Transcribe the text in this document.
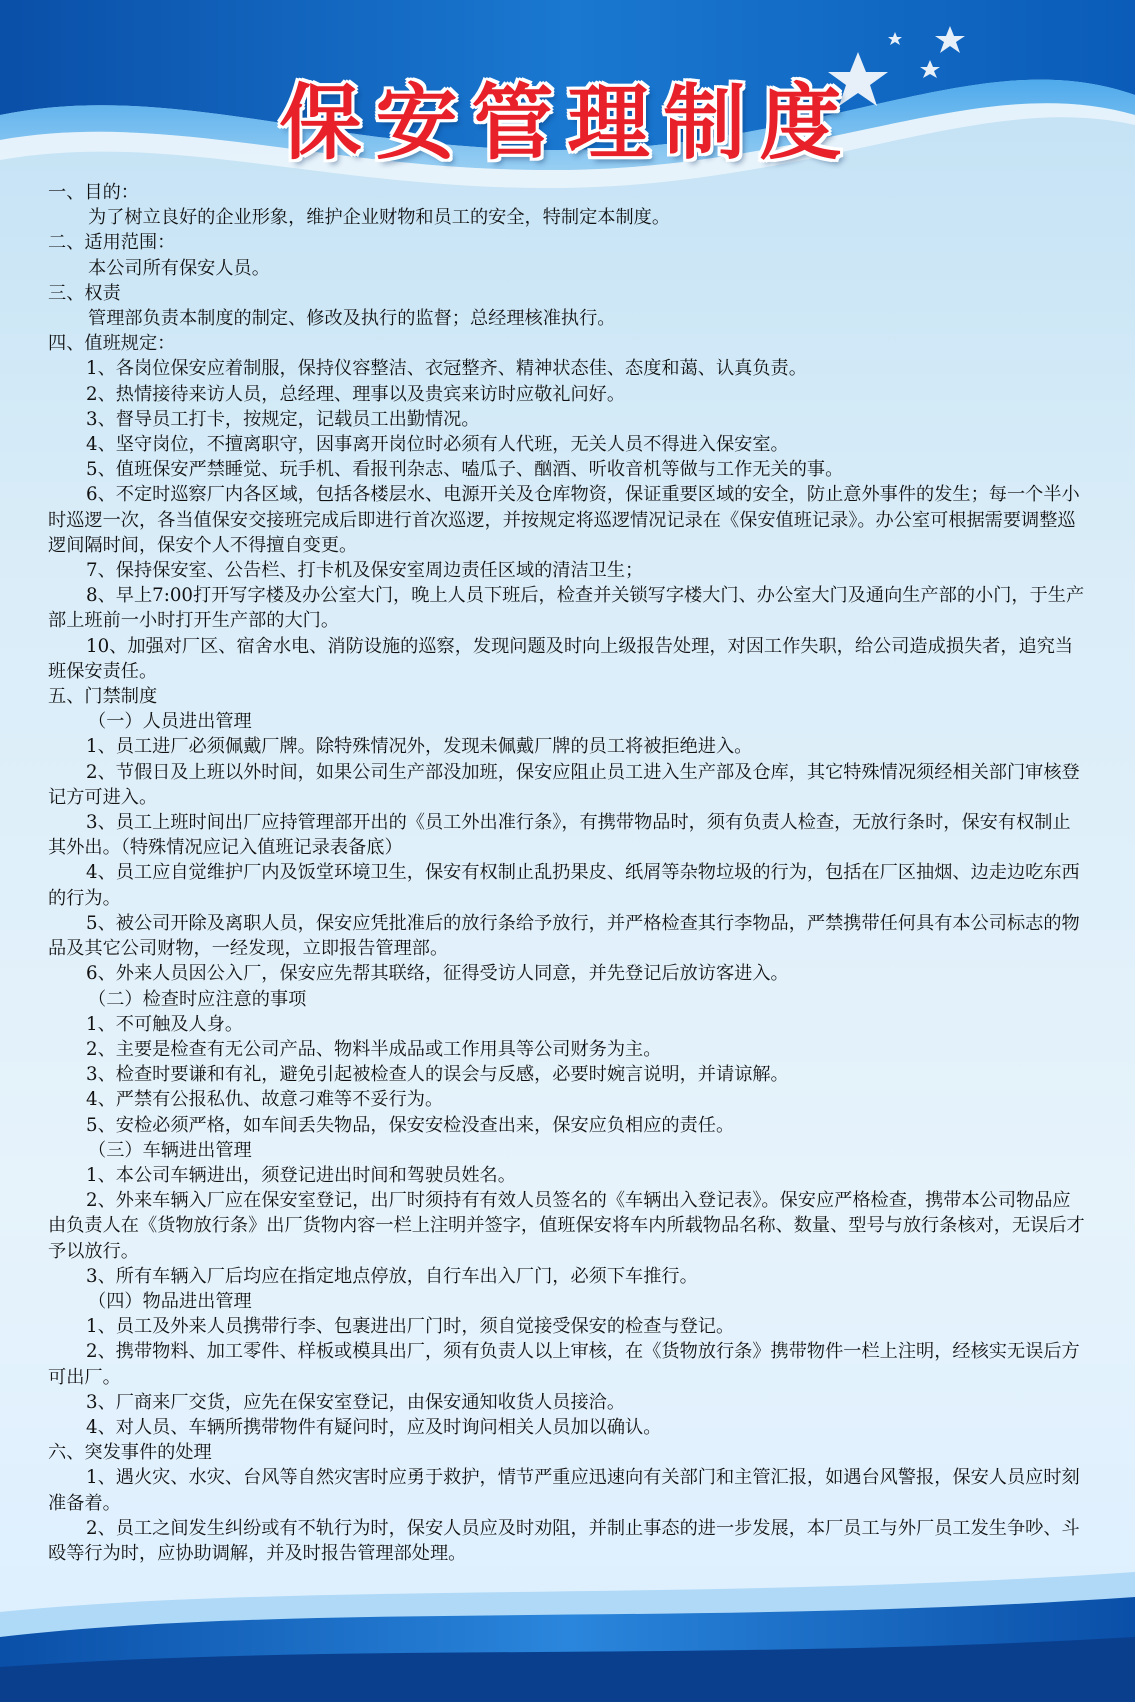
保安管理制度
一、目的：
为了树立良好的企业形象，维护企业财物和员工的安全，特制定本制度。
二、适用范围：
本公司所有保安人员。
三、权责
管理部负责本制度的制定、修改及执行的监督；总经理核准执行。
四、值班规定：
1、各岗位保安应着制服，保持仪容整洁、衣冠整齐、精神状态佳、态度和蔼、认真负责。
2、热情接待来访人员，总经理、理事以及贵宾来访时应敬礼问好。
3、督导员工打卡，按规定，记载员工出勤情况。
4、坚守岗位，不擅离职守，因事离开岗位时必须有人代班，无关人员不得进入保安室。
5、值班保安严禁睡觉、玩手机、看报刊杂志、嗑瓜子、酗酒、听收音机等做与工作无关的事。
6、不定时巡察厂内各区域，包括各楼层水、电源开关及仓库物资，保证重要区域的安全，防止意外事件的发生；每一个半小时巡逻一次，各当值保安交接班完成后即进行首次巡逻，并按规定将巡逻情况记录在《保安值班记录》。办公室可根据需要调整巡逻间隔时间，保安个人不得擅自变更。
7、保持保安室、公告栏、打卡机及保安室周边责任区域的清洁卫生；
8、早上7:00打开写字楼及办公室大门，晚上人员下班后，检查并关锁写字楼大门、办公室大门及通向生产部的小门，于生产部上班前一小时打开生产部的大门。
10、加强对厂区、宿舍水电、消防设施的巡察，发现问题及时向上级报告处理，对因工作失职，给公司造成损失者，追究当班保安责任。
五、门禁制度
（一）人员进出管理
1、员工进厂必须佩戴厂牌。除特殊情况外，发现未佩戴厂牌的员工将被拒绝进入。
2、节假日及上班以外时间，如果公司生产部没加班，保安应阻止员工进入生产部及仓库，其它特殊情况须经相关部门审核登记方可进入。
3、员工上班时间出厂应持管理部开出的《员工外出准行条》，有携带物品时，须有负责人检查，无放行条时，保安有权制止其外出。（特殊情况应记入值班记录表备底）
4、员工应自觉维护厂内及饭堂环境卫生，保安有权制止乱扔果皮、纸屑等杂物垃圾的行为，包括在厂区抽烟、边走边吃东西的行为。
5、被公司开除及离职人员，保安应凭批准后的放行条给予放行，并严格检查其行李物品，严禁携带任何具有本公司标志的物品及其它公司财物，一经发现，立即报告管理部。
6、外来人员因公入厂，保安应先帮其联络，征得受访人同意，并先登记后放访客进入。
（二）检查时应注意的事项
1、不可触及人身。
2、主要是检查有无公司产品、物料半成品或工作用具等公司财务为主。
3、检查时要谦和有礼，避免引起被检查人的误会与反感，必要时婉言说明，并请谅解。
4、严禁有公报私仇、故意刁难等不妥行为。
5、安检必须严格，如车间丢失物品，保安安检没查出来，保安应负相应的责任。
（三）车辆进出管理
1、本公司车辆进出，须登记进出时间和驾驶员姓名。
2、外来车辆入厂应在保安室登记，出厂时须持有有效人员签名的《车辆出入登记表》。保安应严格检查，携带本公司物品应由负责人在《货物放行条》出厂货物内容一栏上注明并签字，值班保安将车内所载物品名称、数量、型号与放行条核对，无误后才予以放行。
3、所有车辆入厂后均应在指定地点停放，自行车出入厂门，必须下车推行。
（四）物品进出管理
1、员工及外来人员携带行李、包裹进出厂门时，须自觉接受保安的检查与登记。
2、携带物料、加工零件、样板或模具出厂，须有负责人以上审核，在《货物放行条》携带物件一栏上注明，经核实无误后方可出厂。
3、厂商来厂交货，应先在保安室登记，由保安通知收货人员接洽。
4、对人员、车辆所携带物件有疑问时，应及时询问相关人员加以确认。
六、突发事件的处理
1、遇火灾、水灾、台风等自然灾害时应勇于救护，情节严重应迅速向有关部门和主管汇报，如遇台风警报，保安人员应时刻准备着。
2、员工之间发生纠纷或有不轨行为时，保安人员应及时劝阻，并制止事态的进一步发展，本厂员工与外厂员工发生争吵、斗殴等行为时，应协助调解，并及时报告管理部处理。
